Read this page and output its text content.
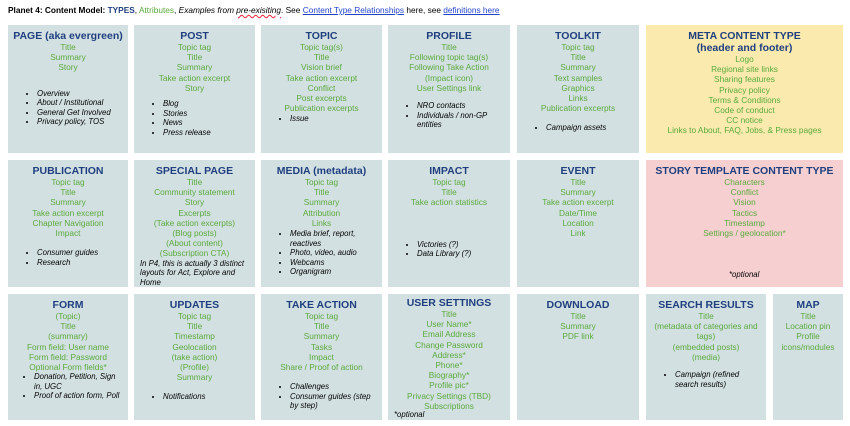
Planet 4: Content Model: TYPES, Attributes, Examples from pre-exisiting. See Content Type Relationships here, see definitions here
PAGE (aka evergreen)
Title
Summary
Story
• Overview
• About / Institutional
• General Get Involved
• Privacy policy, TOS
POST
Topic tag
Title
Summary
Take action excerpt
Story
• Blog
• Stories
• News
• Press release
TOPIC
Topic tag(s)
Title
Vision brief
Take action excerpt
Conflict
Post excerpts
Publication excerpts
• Issue
PROFILE
Title
Following topic tag(s)
Following Take Action
(Impact icon)
User Settings link
• NRO contacts
• Individuals / non-GP entities
TOOLKIT
Topic tag
Title
Summary
Text samples
Graphics
Links
Publication excerpts
• Campaign assets
META CONTENT TYPE (header and footer)
Logo
Regional site links
Sharing features
Privacy policy
Terms & Conditions
Code of conduct
CC notice
Links to About, FAQ, Jobs, & Press pages
PUBLICATION
Topic tag
Title
Summary
Take action excerpt
Chapter Navigation
Impact
• Consumer guides
• Research
SPECIAL PAGE
Title
Community statement
Story
Excerpts
(Take action excerpts)
(Blog posts)
(About content)
(Subscription CTA)
In P4, this is actually 3 distinct layouts for Act, Explore and Home
MEDIA (metadata)
Topic tag
Title
Summary
Attribution
Links
• Media brief, report, reactives
• Photo, video, audio
• Webcams
• Organigram
IMPACT
Topic tag
Title
Take action statistics
• Victories (?)
• Data Library (?)
EVENT
Title
Summary
Take action excerpt
Date/Time
Location
Link
STORY TEMPLATE CONTENT TYPE
Characters
Conflict
Vision
Tactics
Timestamp
Settings / geolocation*
*optional
FORM
(Topic)
Title
(summary)
Form field: User name
Form field: Password
Optional Form fields*
• Donation, Petition, Sign in, UGC
• Proof of action form, Poll
UPDATES
Topic tag
Title
Timestamp
Geolocation
(take action)
(Profile)
Summary
• Notifications
TAKE ACTION
Topic tag
Title
Summary
Tasks
Impact
Share / Proof of action
• Challenges
• Consumer guides (step by step)
USER SETTINGS
Title
User Name*
Email Address
Change Password
Address*
Phone*
Biography*
Profile pic*
Privacy Settings (TBD)
Subscriptions
*optional
DOWNLOAD
Title
Summary
PDF link
SEARCH RESULTS
Title
(metadata of categories and tags)
(embedded posts)
(media)
• Campaign (refined search results)
MAP
Title
Location pin
Profile
icons/modules
